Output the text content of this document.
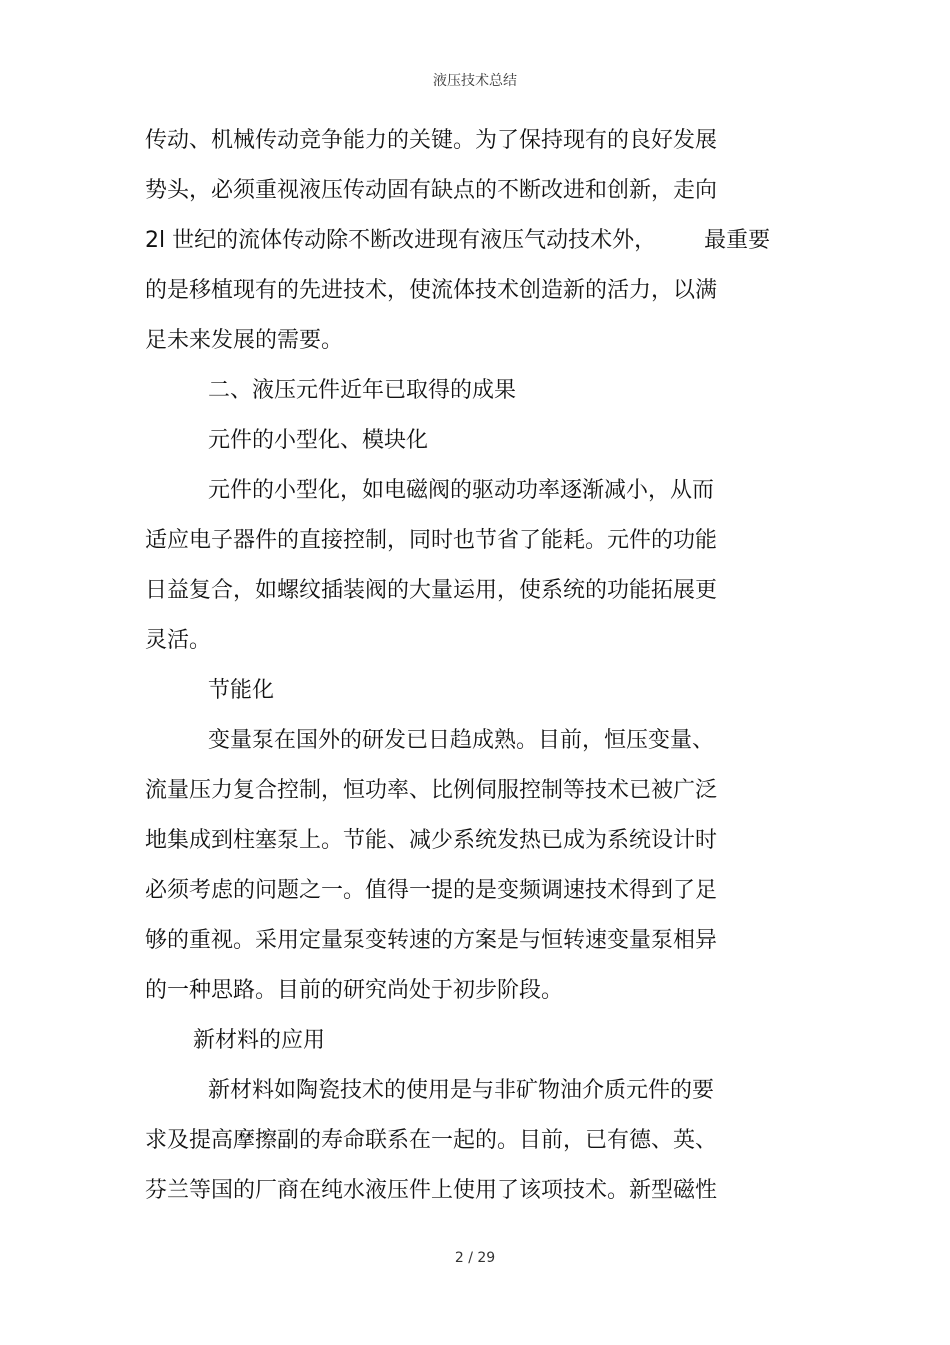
液压技术总结
传动、机械传动竞争能力的关键。为了保持现有的良好发展
势头，必须重视液压传动固有缺点的不断改进和创新，走向
2l 世纪的流体传动除不断改进现有液压气动技术外， 最重要
的是移植现有的先进技术，使流体技术创造新的活力，以满
足未来发展的需要。
二、液压元件近年已取得的成果
元件的小型化、模块化
元件的小型化，如电磁阀的驱动功率逐渐减小，从而
适应电子器件的直接控制，同时也节省了能耗。元件的功能
日益复合，如螺纹插装阀的大量运用，使系统的功能拓展更
灵活。
节能化
变量泵在国外的研发已日趋成熟。目前，恒压变量、
流量压力复合控制，恒功率、比例伺服控制等技术已被广泛
地集成到柱塞泵上。节能、减少系统发热已成为系统设计时
必须考虑的问题之一。值得一提的是变频调速技术得到了足
够的重视。采用定量泵变转速的方案是与恒转速变量泵相异
的一种思路。目前的研究尚处于初步阶段。
新材料的应用
新材料如陶瓷技术的使用是与非矿物油介质元件的要
求及提高摩擦副的寿命联系在一起的。目前，已有德、英、
芬兰等国的厂商在纯水液压件上使用了该项技术。新型磁性
2 / 29
